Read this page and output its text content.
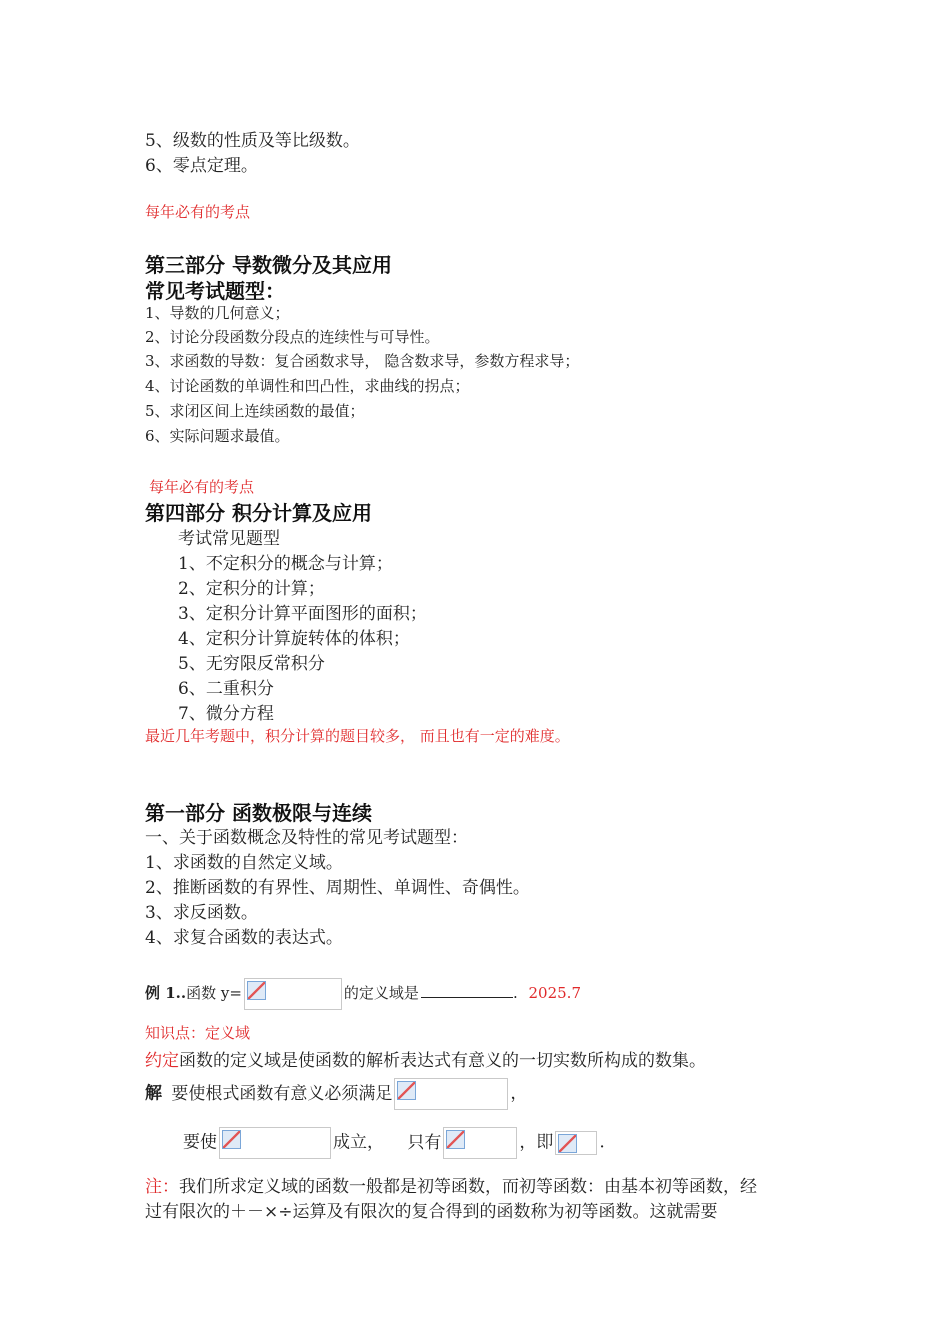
5、级数的性质及等比级数。
6、零点定理。
每年必有的考点
第三部分 导数微分及其应用
常见考试题型：
1、导数的几何意义；
2、讨论分段函数分段点的连续性与可导性。
3、求函数的导数：复合函数求导， 隐含数求导，参数方程求导；
4、讨论函数的单调性和凹凸性，求曲线的拐点；
5、求闭区间上连续函数的最值；
6、实际问题求最值。
每年必有的考点
第四部分 积分计算及应用
考试常见题型
1、不定积分的概念与计算；
2、定积分的计算；
3、定积分计算平面图形的面积；
4、定积分计算旋转体的体积；
5、无穷限反常积分
6、二重积分
7、微分方程
最近几年考题中，积分计算的题目较多， 而且也有一定的难度。
第一部分 函数极限与连续
一、关于函数概念及特性的常见考试题型：
1、求函数的自然定义域。
2、推断函数的有界性、周期性、单调性、奇偶性。
3、求反函数。
4、求复合函数的表达式。
例 1..函数 y=	的定义域是	. 2025.7
知识点：定义域
约定函数的定义域是使函数的解析表达式有意义的一切实数所构成的数集。
解 要使根式函数有意义必须满足	，
要使	成立， 只有	，即	.
注：我们所求定义域的函数一般都是初等函数，而初等函数：由基本初等函数，经
过有限次的＋－×÷运算及有限次的复合得到的函数称为初等函数。这就需要
